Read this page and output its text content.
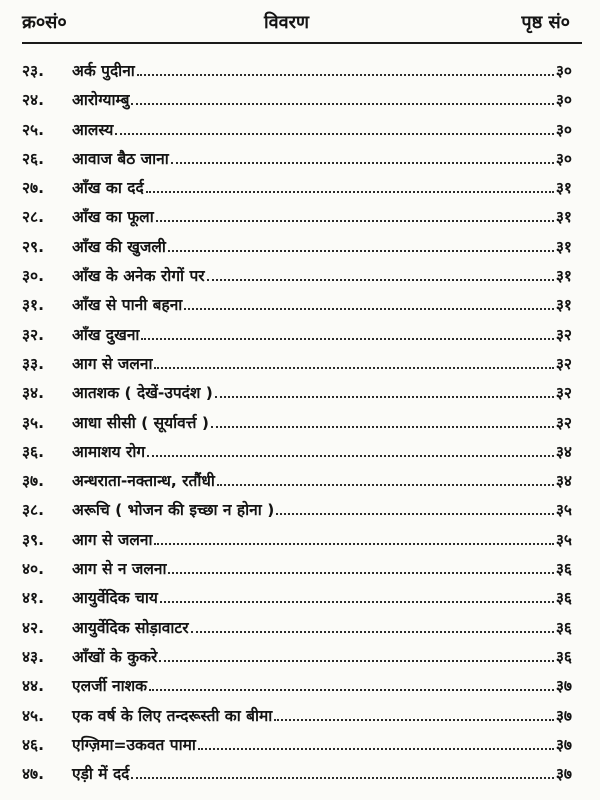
क्र०सं०	विवरण	पृष्ठ सं०
२३.	अर्क पुदीना	३०
२४.	आरोग्याम्बु	३०
२५.	आलस्य	३०
२६.	आवाज बैठ जाना	३०
२७.	आँख का दर्द	३१
२८.	आँख का फूला	३१
२९.	आँख की खुजली	३१
३०.	आँख के अनेक रोगों पर	३१
३१.	आँख से पानी बहना	३१
३२.	आँख दुखना	३२
३३.	आग से जलना	३२
३४.	आतशक ( देखें-उपदंश )	३२
३५.	आधा सीसी ( सूर्यावर्त्त )	३२
३६.	आमाशय रोग	३४
३७.	अन्धराता-नक्तान्ध, रतौंधी	३४
३८.	अरूचि ( भोजन की इच्छा न होना )	३५
३९.	आग से जलना	३५
४०.	आग से न जलना	३६
४१.	आयुर्वेदिक चाय	३६
४२.	आयुर्वेदिक सोड़ावाटर	३६
४३.	आँखों के कुकरे	३६
४४.	एलर्जी नाशक	३७
४५.	एक वर्ष के लिए तन्दरूस्ती का बीमा	३७
४६.	एग्ज़िमा=उकवत पामा	३७
४७.	एड़ी में दर्द	३७
